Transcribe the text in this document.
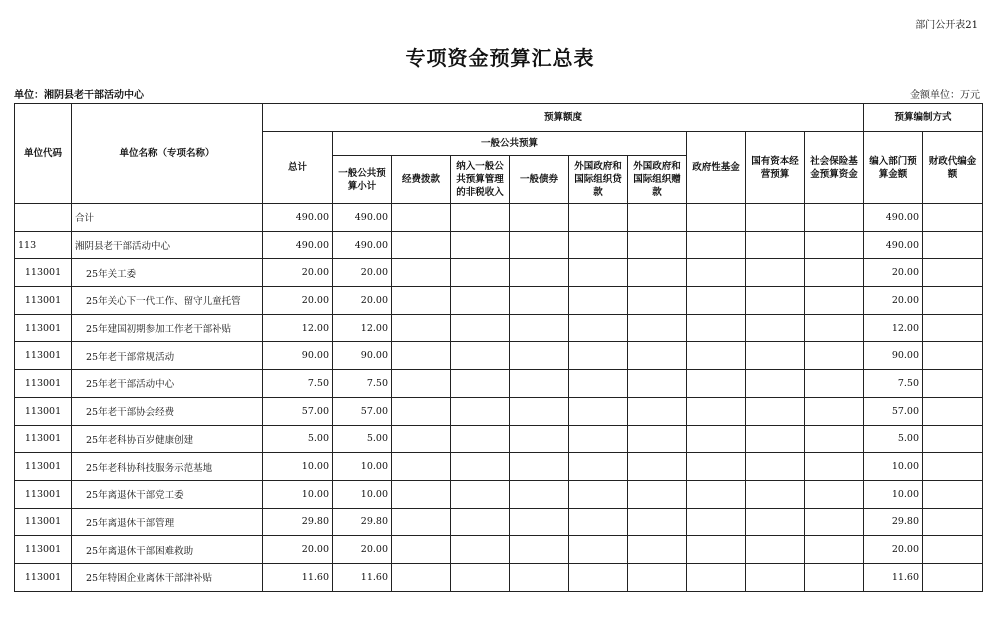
部门公开表21
专项资金预算汇总表
单位：湘阴县老干部活动中心	金额单位：万元
单位代码	单位名称（专项名称）	预算额度										预算编制方式	
		总计	一般公共预算						政府性基金	国有资本经营预算	社会保险基金预算资金	编入部门预算金额	财政代编金额
			一般公共预算小计	经费拨款	纳入一般公共预算管理的非税收入	一般债券	外国政府和国际组织贷款	外国政府和国际组织赠款					
	合计	490.00	490.00									490.00	
113	湘阴县老干部活动中心	490.00	490.00									490.00	
113001	25年关工委	20.00	20.00									20.00	
113001	25年关心下一代工作、留守儿童托管	20.00	20.00									20.00	
113001	25年建国初期参加工作老干部补贴	12.00	12.00									12.00	
113001	25年老干部常规活动	90.00	90.00									90.00	
113001	25年老干部活动中心	7.50	7.50									7.50	
113001	25年老干部协会经费	57.00	57.00									57.00	
113001	25年老科协百岁健康创建	5.00	5.00									5.00	
113001	25年老科协科技服务示范基地	10.00	10.00									10.00	
113001	25年离退休干部党工委	10.00	10.00									10.00	
113001	25年离退休干部管理	29.80	29.80									29.80	
113001	25年离退休干部困难救助	20.00	20.00									20.00	
113001	25年特困企业离休干部津补贴	11.60	11.60									11.60	
